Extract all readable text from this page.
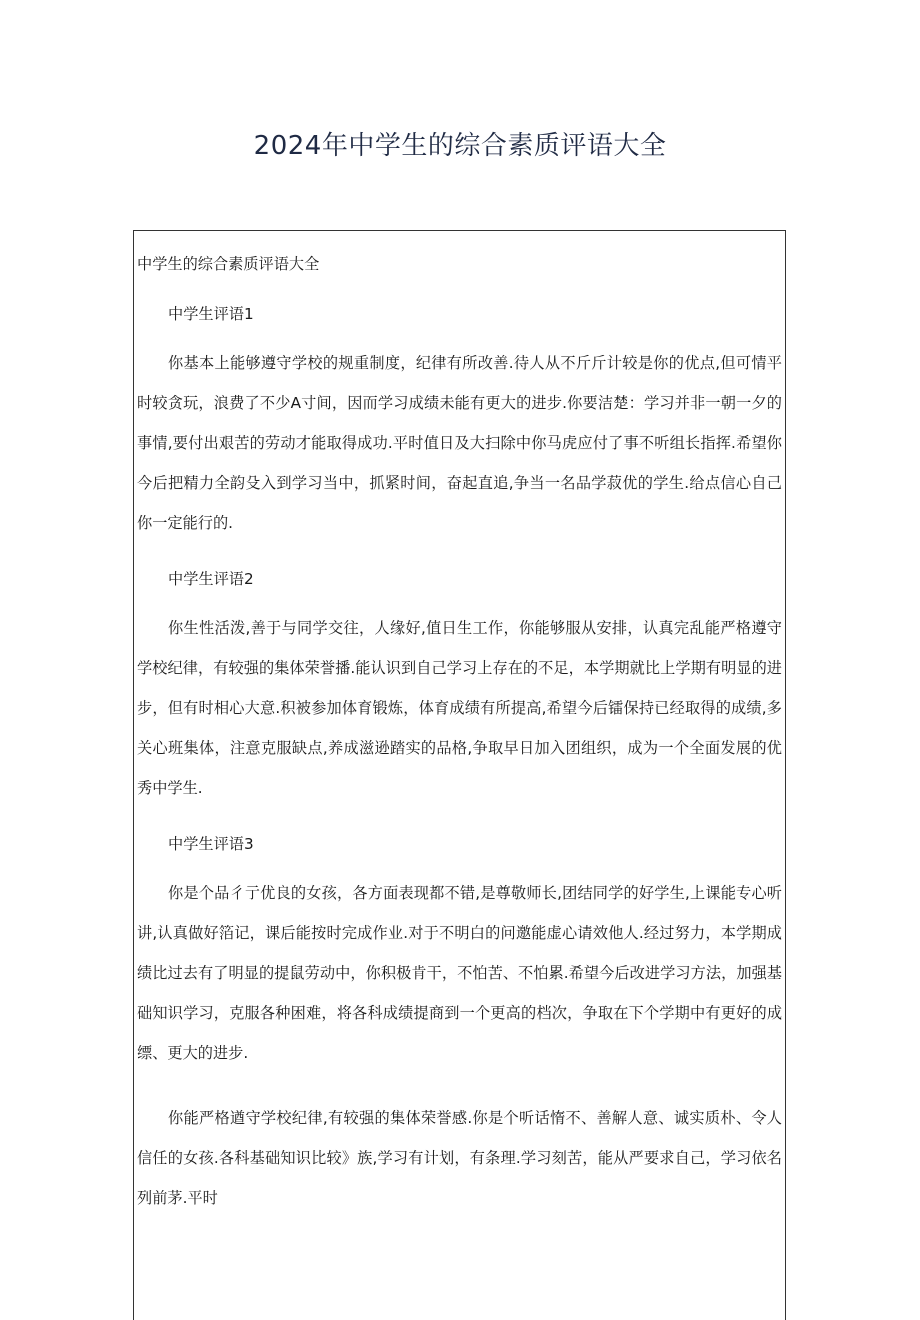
2024年中学生的综合素质评语大全

中学生的综合素质评语大全

中学生评语1

你基本上能够遵守学校的规重制度，纪律有所改善.待人从不斤斤计较是你的优点,但可情平时较贪玩，浪费了不少A寸间，因而学习成绩未能有更大的进步.你要洁楚：学习并非一朝一夕的事情,要付出艰苦的劳动才能取得成功.平时值日及大扫除中你马虎应付了事不听组长指挥.希望你今后把精力全韵殳入到学习当中，抓紧时间，奋起直追,争当一名品学菽优的学生.给点信心自己你一定能行的.

中学生评语2

你生性活泼,善于与同学交往，人缘好,值日生工作，你能够服从安排，认真完乱能严格遵守学校纪律，有较强的集体荣誉播.能认识到自己学习上存在的不足，本学期就比上学期有明显的进步，但有时相心大意.积被参加体育锻炼，体育成绩有所提高,希望今后镭保持已经取得的成绩,多关心班集体，注意克服缺点,养成滋逊踏实的品格,争取早日加入团组织，成为一个全面发展的优秀中学生.

中学生评语3

你是个品彳亍优良的女孩，各方面表现都不错,是尊敬师长,团结同学的好学生,上课能专心听讲,认真做好箔记，课后能按时完成作业.对于不明白的问邀能虚心请效他人.经过努力，本学期成绩比过去有了明显的提鼠劳动中，你积极肯干，不怕苦、不怕累.希望今后改进学习方法，加强基础知识学习，克服各种困难，将各科成绩提商到一个更高的档次，争取在下个学期中有更好的成缥、更大的进步.

你能严格遒守学校纪律,有较强的集体荣誉感.你是个听话惰不、善解人意、诚实质朴、令人信任的女孩.各科基础知识比较》族,学习有计划，有条理.学习刻苦，能从严要求自己，学习依名列前茅.平时
